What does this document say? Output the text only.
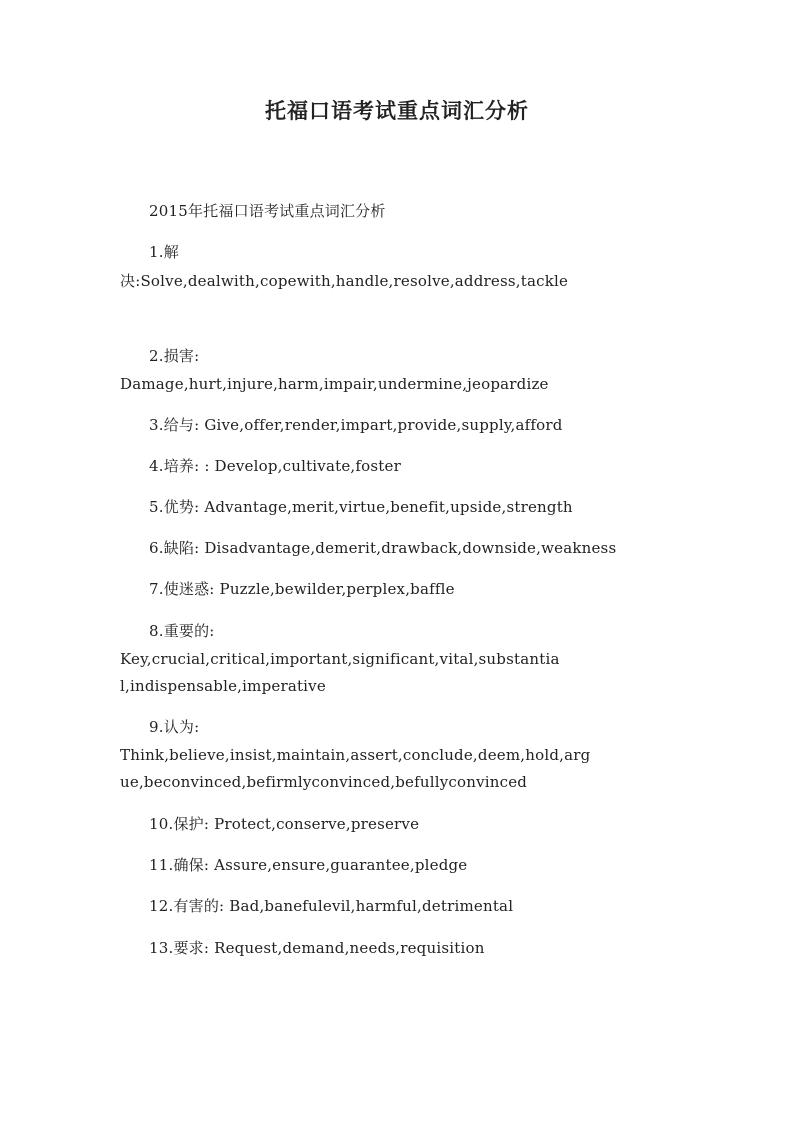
托福口语考试重点词汇分析
2015年托福口语考试重点词汇分析
1.解
决:Solve,dealwith,copewith,handle,resolve,address,tackle
2.损害:
Damage,hurt,injure,harm,impair,undermine,jeopardize
3.给与: Give,offer,render,impart,provide,supply,afford
4.培养: : Develop,cultivate,foster
5.优势: Advantage,merit,virtue,benefit,upside,strength
6.缺陷: Disadvantage,demerit,drawback,downside,weakness
7.使迷惑: Puzzle,bewilder,perplex,baffle
8.重要的:
Key,crucial,critical,important,significant,vital,substantia
l,indispensable,imperative
9.认为:
Think,believe,insist,maintain,assert,conclude,deem,hold,arg
ue,beconvinced,befirmlyconvinced,befullyconvinced
10.保护: Protect,conserve,preserve
11.确保: Assure,ensure,guarantee,pledge
12.有害的: Bad,banefulevil,harmful,detrimental
13.要求: Request,demand,needs,requisition
